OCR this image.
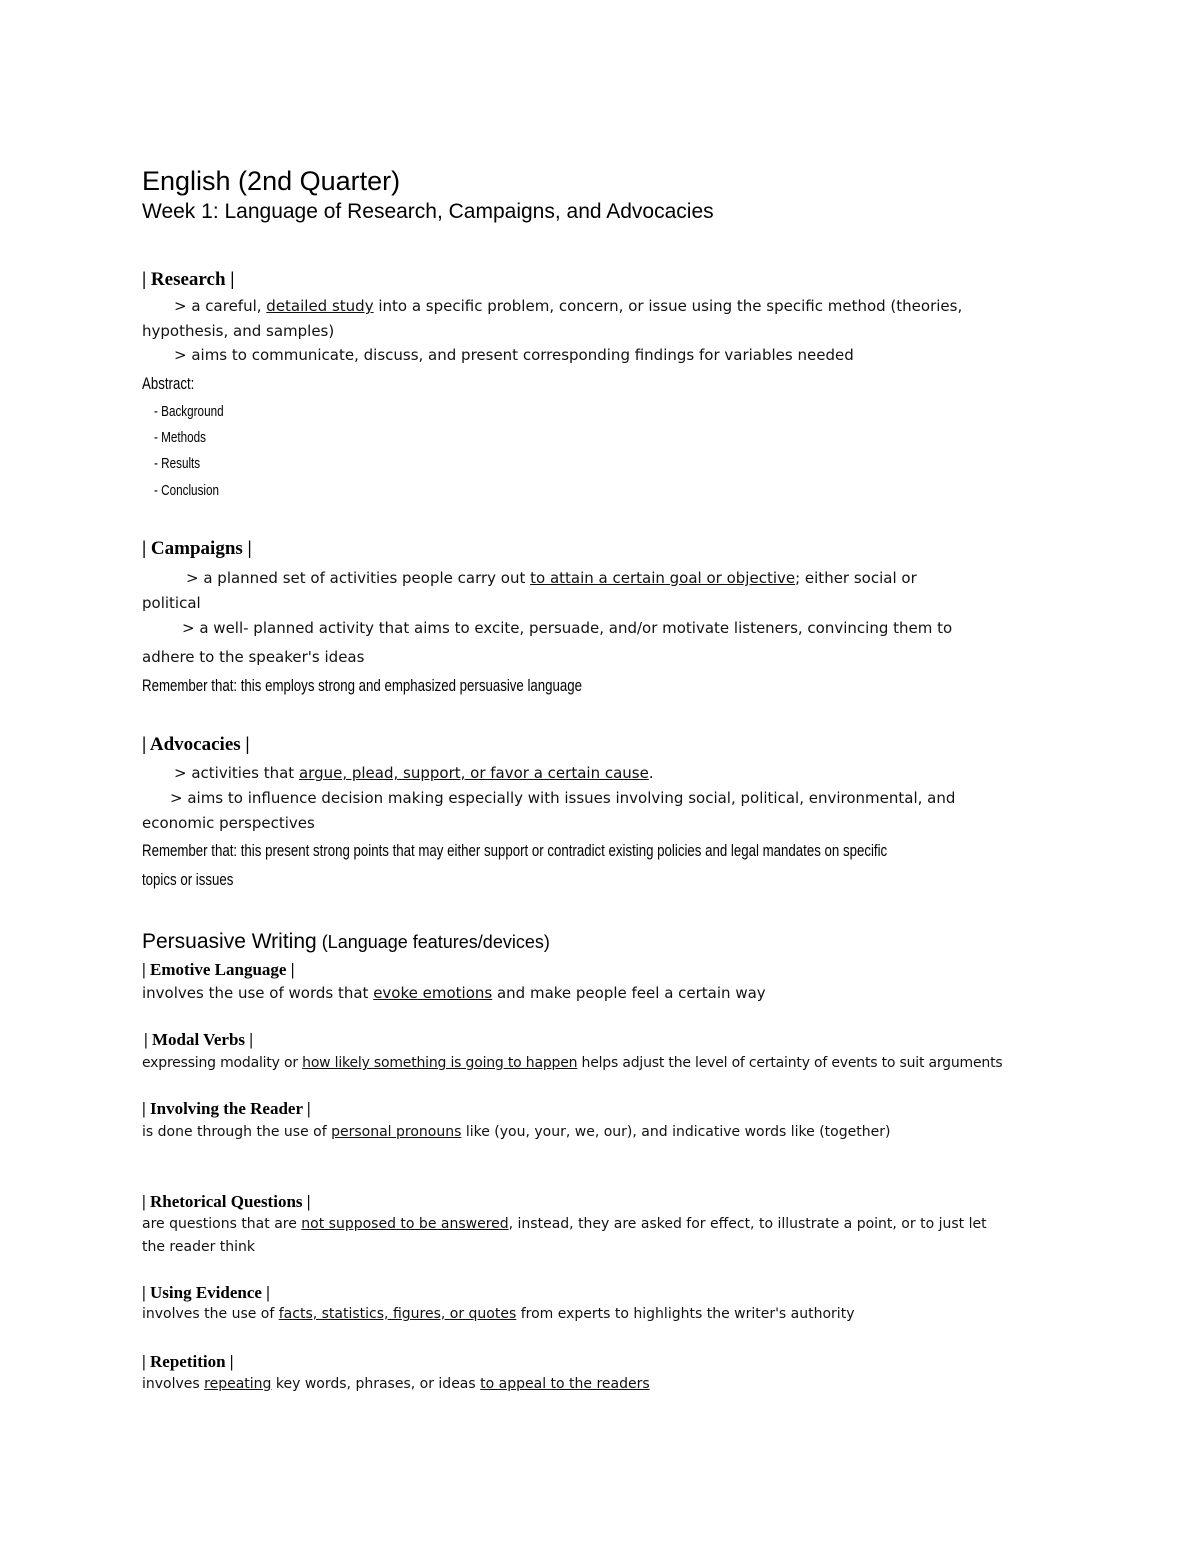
English (2nd Quarter)
Week 1: Language of Research, Campaigns, and Advocacies
| Research |
> a careful, detailed study into a specific problem, concern, or issue using the specific method (theories,
hypothesis, and samples)
> aims to communicate, discuss, and present corresponding findings for variables needed
Abstract:
- Background
- Methods
- Results
- Conclusion
| Campaigns |
> a planned set of activities people carry out to attain a certain goal or objective; either social or
political
> a well- planned activity that aims to excite, persuade, and/or motivate listeners, convincing them to
adhere to the speaker's ideas
Remember that: this employs strong and emphasized persuasive language
| Advocacies |
> activities that argue, plead, support, or favor a certain cause.
> aims to influence decision making especially with issues involving social, political, environmental, and
economic perspectives
Remember that: this present strong points that may either support or contradict existing policies and legal mandates on specific
topics or issues
Persuasive Writing (Language features/devices)
| Emotive Language |
involves the use of words that evoke emotions and make people feel a certain way
| Modal Verbs |
expressing modality or how likely something is going to happen helps adjust the level of certainty of events to suit arguments
| Involving the Reader |
is done through the use of personal pronouns like (you, your, we, our), and indicative words like (together)
| Rhetorical Questions |
are questions that are not supposed to be answered, instead, they are asked for effect, to illustrate a point, or to just let
the reader think
| Using Evidence |
involves the use of facts, statistics, figures, or quotes from experts to highlights the writer's authority
| Repetition |
involves repeating key words, phrases, or ideas to appeal to the readers
